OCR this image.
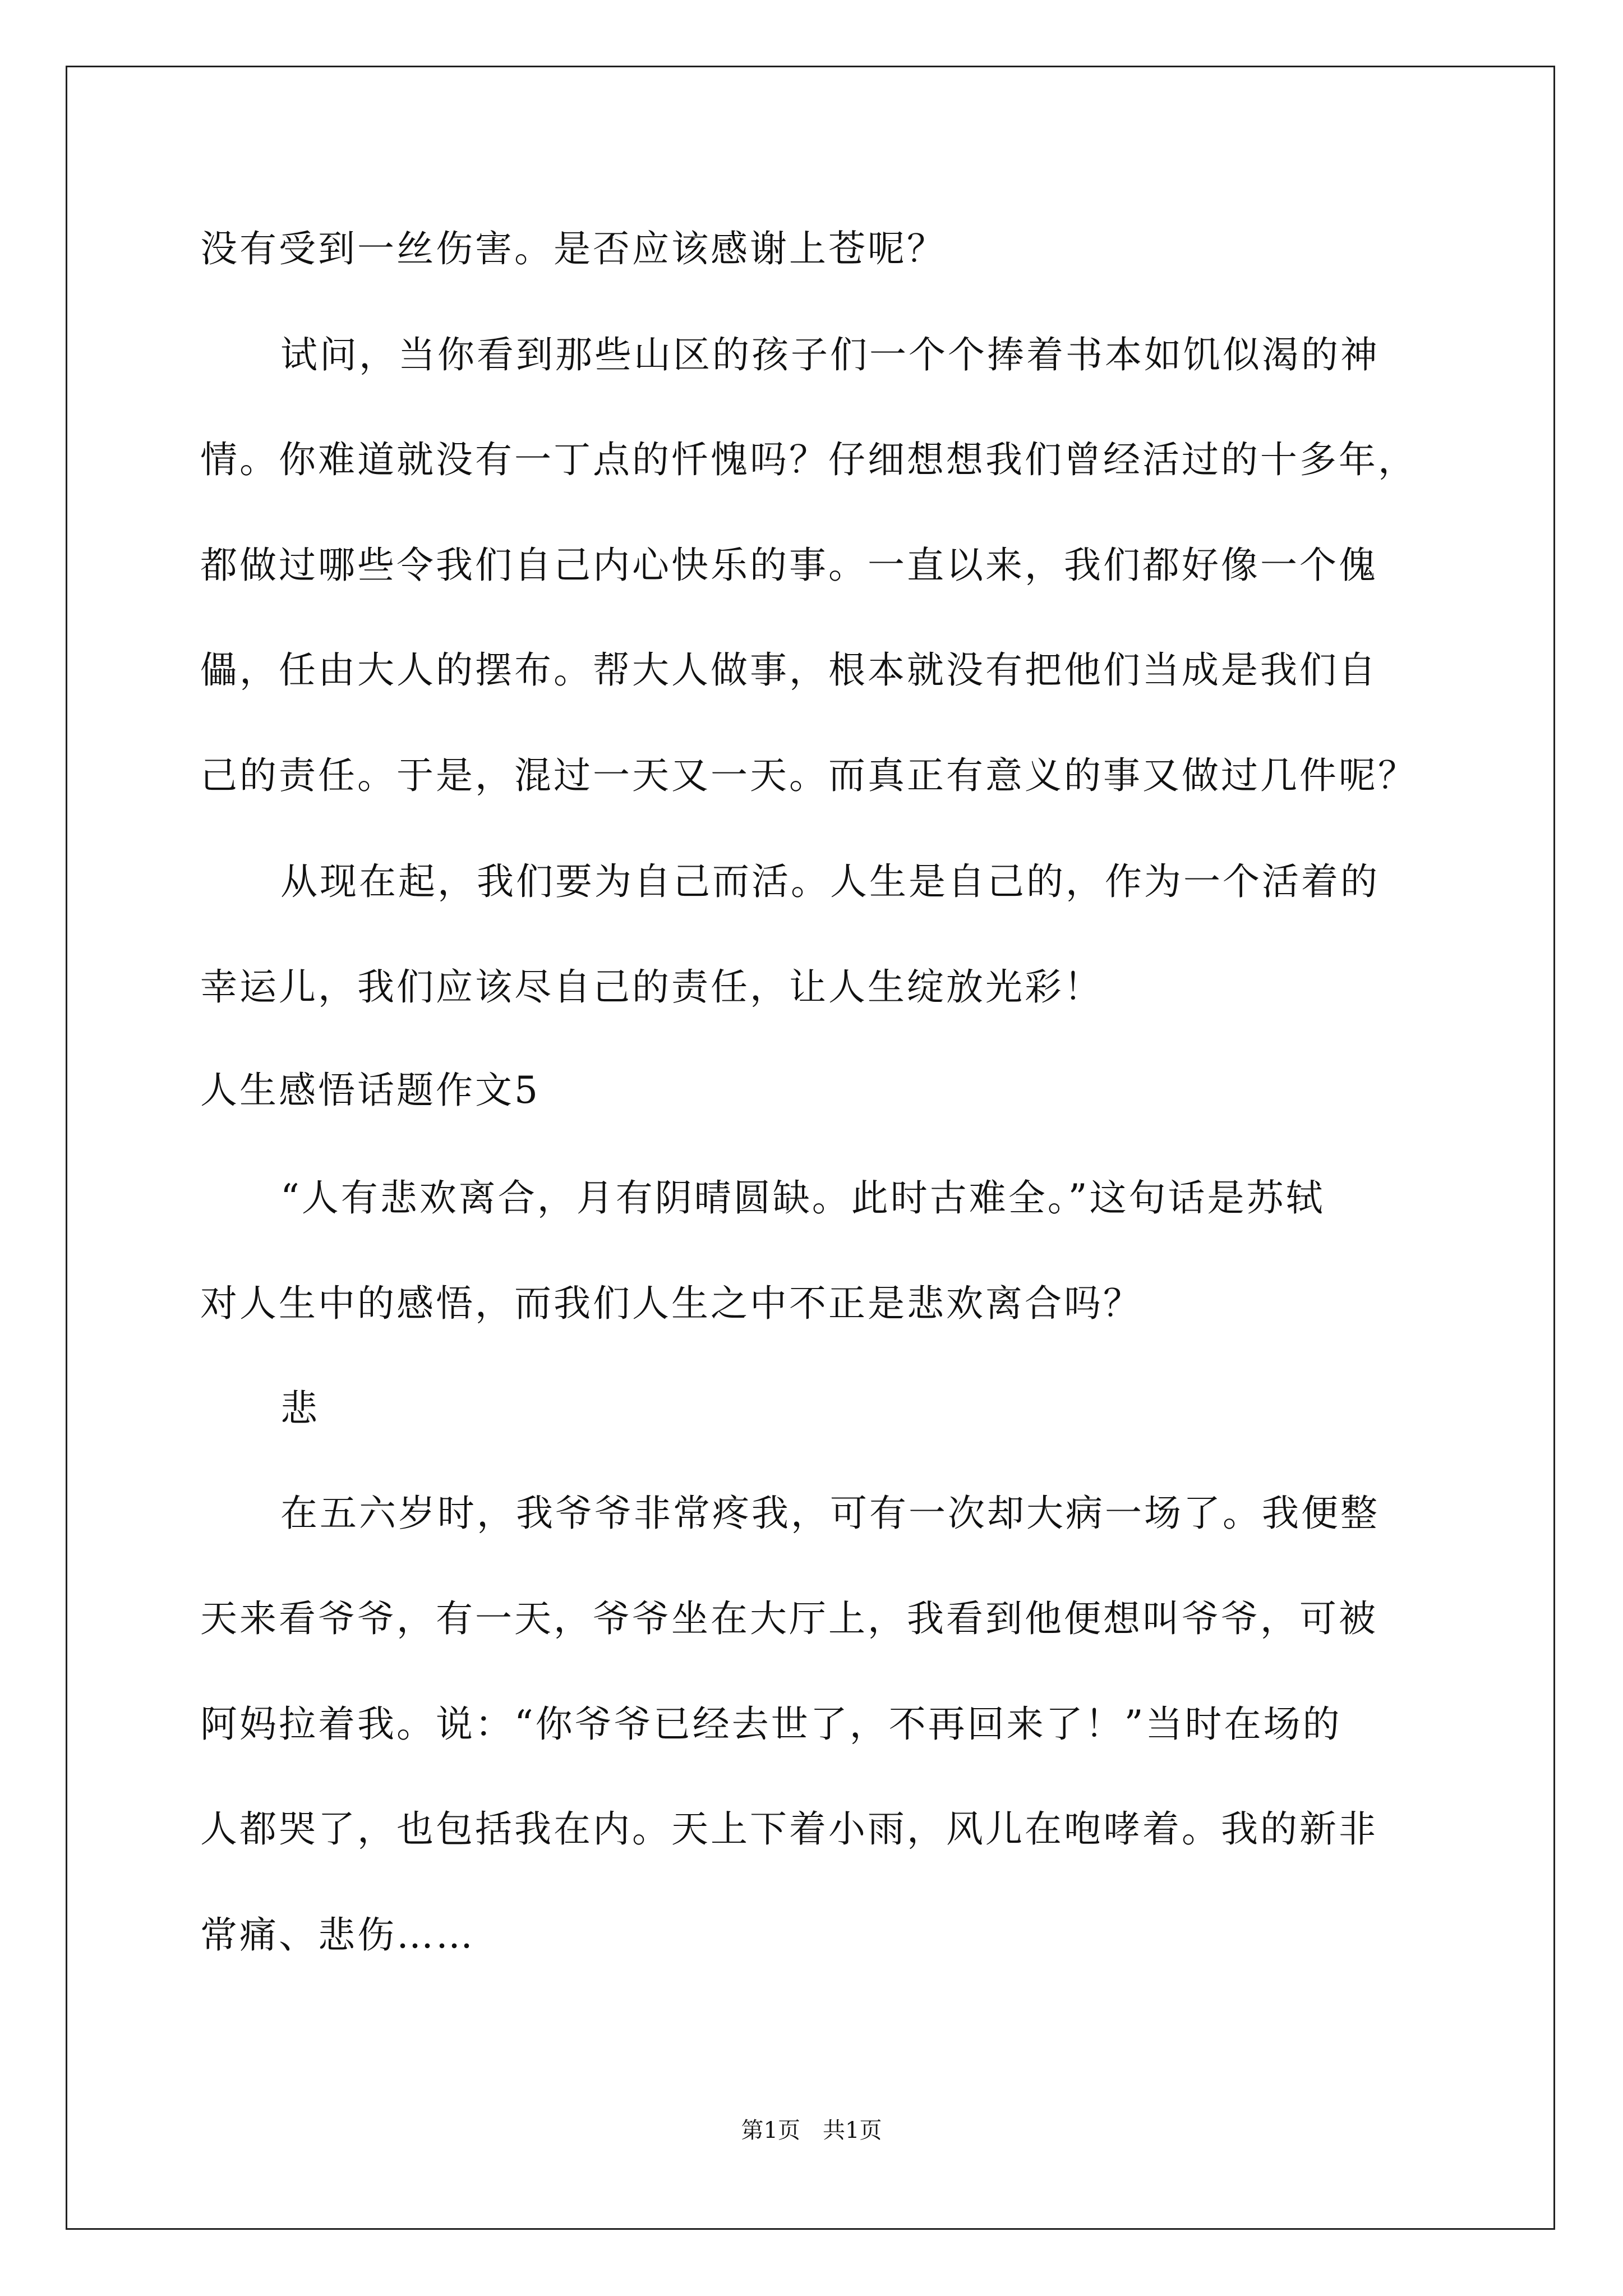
没有受到一丝伤害。是否应该感谢上苍呢？
试问，当你看到那些山区的孩子们一个个捧着书本如饥似渴的神
情。你难道就没有一丁点的忏愧吗？仔细想想我们曾经活过的十多年，
都做过哪些令我们自己内心快乐的事。一直以来，我们都好像一个傀
儡，任由大人的摆布。帮大人做事，根本就没有把他们当成是我们自
己的责任。于是，混过一天又一天。而真正有意义的事又做过几件呢？
从现在起，我们要为自己而活。人生是自己的，作为一个活着的
幸运儿，我们应该尽自己的责任，让人生绽放光彩！
人生感悟话题作文5
“人有悲欢离合，月有阴晴圆缺。此时古难全。”这句话是苏轼
对人生中的感悟，而我们人生之中不正是悲欢离合吗？
悲
在五六岁时，我爷爷非常疼我，可有一次却大病一场了。我便整
天来看爷爷，有一天，爷爷坐在大厅上，我看到他便想叫爷爷，可被
阿妈拉着我。说：“你爷爷已经去世了，不再回来了！”当时在场的
人都哭了，也包括我在内。天上下着小雨，风儿在咆哮着。我的新非
常痛、悲伤……
第1页　共1页
